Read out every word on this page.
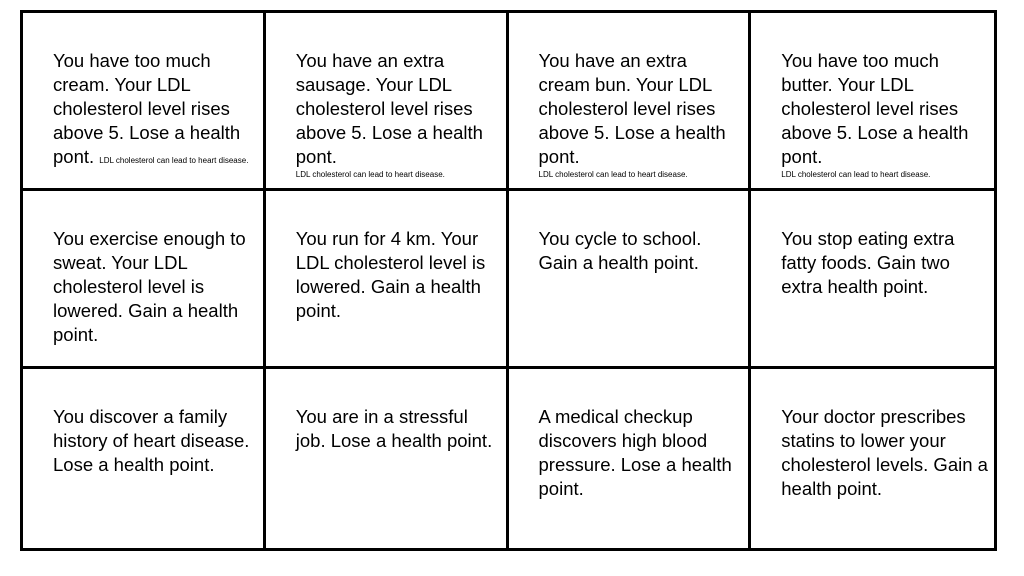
You have too much cream. Your LDL cholesterol level rises above 5. Lose a health pont. LDL cholesterol can lead to heart disease.
You have an extra sausage. Your LDL cholesterol level rises above 5. Lose a health pont.
LDL cholesterol can lead to heart disease.
You have an extra cream bun. Your LDL cholesterol level rises above 5. Lose a health pont.
LDL cholesterol can lead to heart disease.
You have too much butter. Your LDL cholesterol level rises above 5. Lose a health pont.
LDL cholesterol can lead to heart disease.
You exercise enough to sweat. Your LDL cholesterol level is lowered. Gain a health point.
You run for 4 km. Your LDL cholesterol level is lowered. Gain a health point.
You cycle to school. Gain a health point.
You stop eating extra fatty foods. Gain two extra health point.
You discover a family history of heart disease. Lose a health point.
You are in a stressful job. Lose a health point.
A medical checkup discovers high blood pressure. Lose a health point.
Your doctor prescribes statins to lower your cholesterol levels. Gain a health point.
